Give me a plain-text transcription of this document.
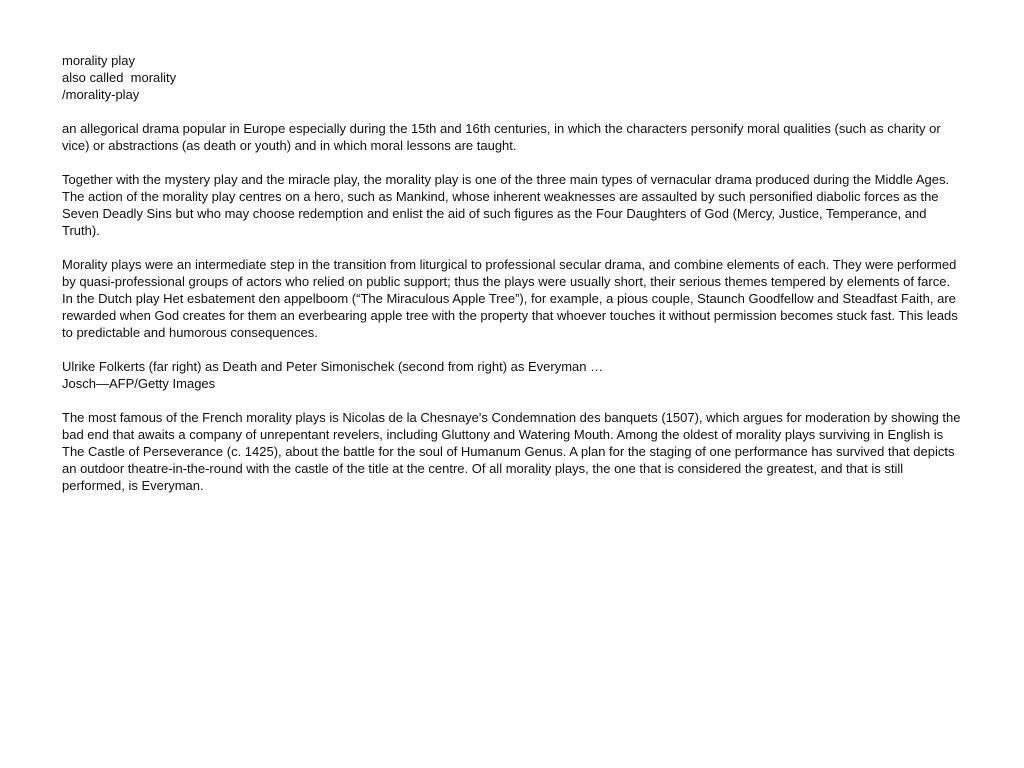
morality play
also called  morality
/morality-play

an allegorical drama popular in Europe especially during the 15th and 16th centuries, in which the characters personify moral qualities (such as charity or vice) or abstractions (as death or youth) and in which moral lessons are taught.

Together with the mystery play and the miracle play, the morality play is one of the three main types of vernacular drama produced during the Middle Ages. The action of the morality play centres on a hero, such as Mankind, whose inherent weaknesses are assaulted by such personified diabolic forces as the Seven Deadly Sins but who may choose redemption and enlist the aid of such figures as the Four Daughters of God (Mercy, Justice, Temperance, and Truth).

Morality plays were an intermediate step in the transition from liturgical to professional secular drama, and combine elements of each. They were performed by quasi-professional groups of actors who relied on public support; thus the plays were usually short, their serious themes tempered by elements of farce. In the Dutch play Het esbatement den appelboom (“The Miraculous Apple Tree”), for example, a pious couple, Staunch Goodfellow and Steadfast Faith, are rewarded when God creates for them an everbearing apple tree with the property that whoever touches it without permission becomes stuck fast. This leads to predictable and humorous consequences.

Ulrike Folkerts (far right) as Death and Peter Simonischek (second from right) as Everyman …
Josch—AFP/Getty Images

The most famous of the French morality plays is Nicolas de la Chesnaye's Condemnation des banquets (1507), which argues for moderation by showing the bad end that awaits a company of unrepentant revelers, including Gluttony and Watering Mouth. Among the oldest of morality plays surviving in English is The Castle of Perseverance (c. 1425), about the battle for the soul of Humanum Genus. A plan for the staging of one performance has survived that depicts an outdoor theatre-in-the-round with the castle of the title at the centre. Of all morality plays, the one that is considered the greatest, and that is still performed, is Everyman.
